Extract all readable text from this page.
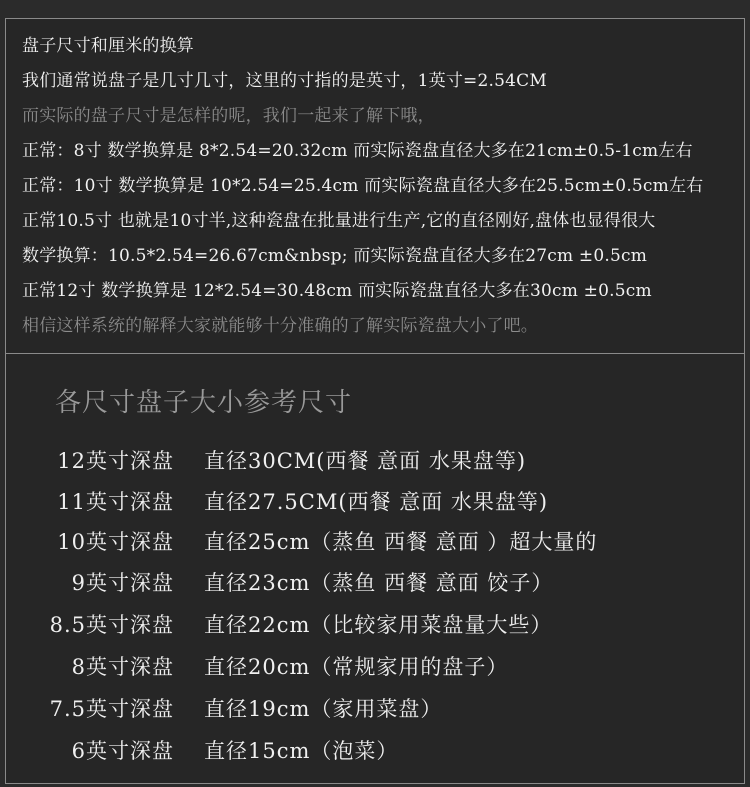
盘子尺寸和厘米的换算
我们通常说盘子是几寸几寸，这里的寸指的是英寸，1英寸=2.54CM
而实际的盘子尺寸是怎样的呢，我们一起来了解下哦，
正常：8寸 数学换算是 8*2.54=20.32cm 而实际瓷盘直径大多在21cm±0.5-1cm左右
正常：10寸 数学换算是 10*2.54=25.4cm 而实际瓷盘直径大多在25.5cm±0.5cm左右
正常10.5寸 也就是10寸半,这种瓷盘在批量进行生产,它的直径刚好,盘体也显得很大
数学换算：10.5*2.54=26.67cm&nbsp; 而实际瓷盘直径大多在27cm ±0.5cm
正常12寸 数学换算是 12*2.54=30.48cm 而实际瓷盘直径大多在30cm ±0.5cm
相信这样系统的解释大家就能够十分准确的了解实际瓷盘大小了吧。
各尺寸盘子大小参考尺寸
12英寸深盘 直径30CM(西餐 意面 水果盘等)
11英寸深盘 直径27.5CM(西餐 意面 水果盘等)
10英寸深盘 直径25cm（蒸鱼 西餐 意面 ）超大量的
9英寸深盘 直径23cm（蒸鱼 西餐 意面 饺子）
8.5英寸深盘 直径22cm（比较家用菜盘量大些）
8英寸深盘 直径20cm（常规家用的盘子）
7.5英寸深盘 直径19cm（家用菜盘）
6英寸深盘 直径15cm（泡菜）
